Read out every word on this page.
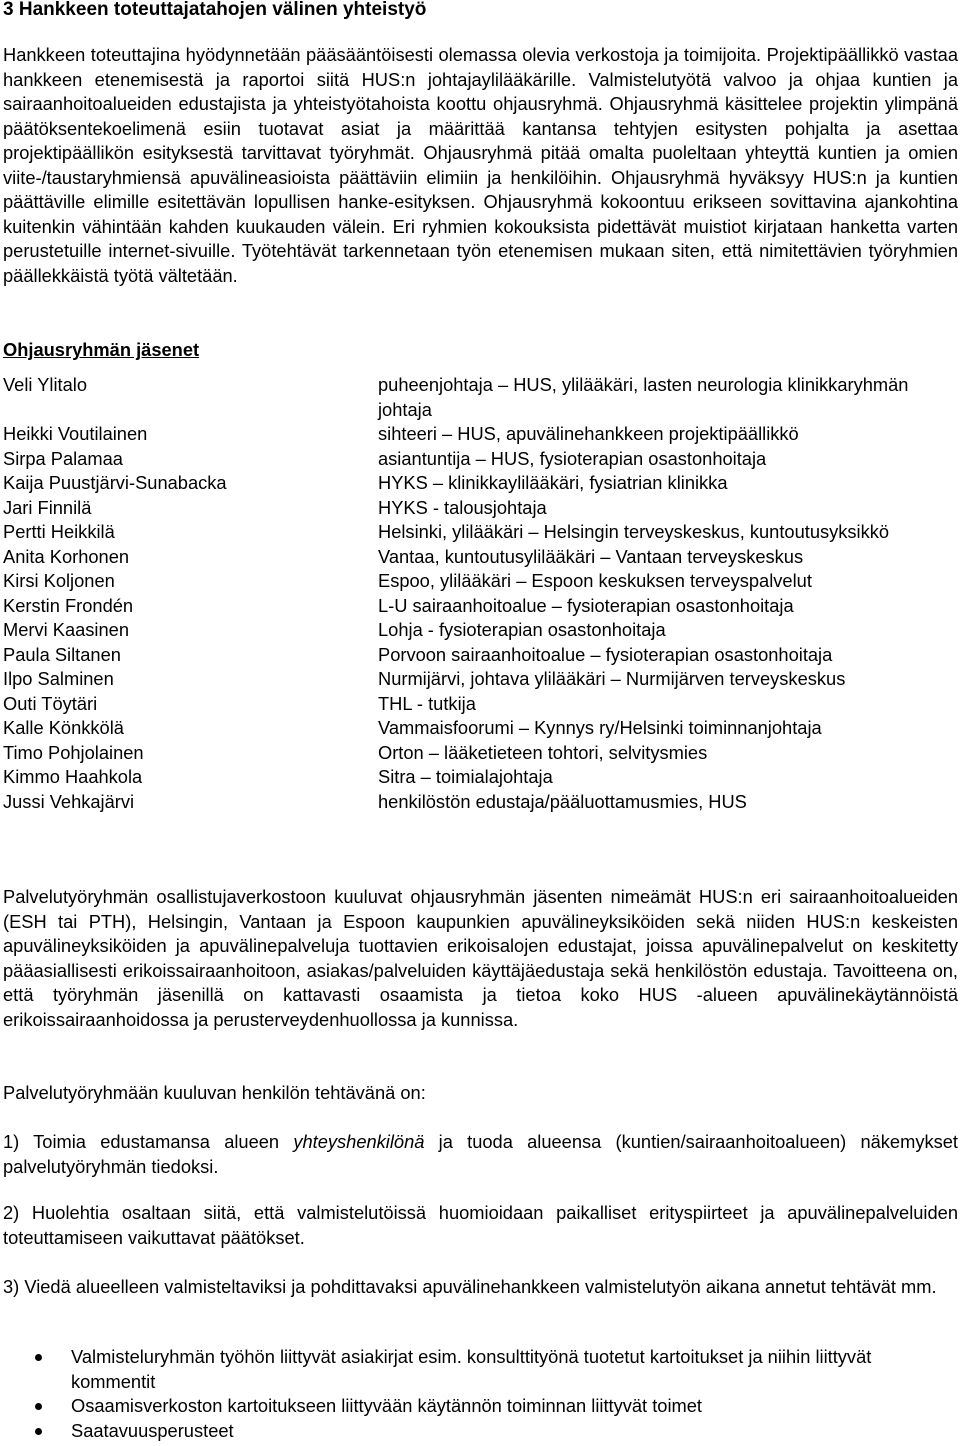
3 Hankkeen toteuttajatahojen välinen yhteistyö

Hankkeen toteuttajina hyödynnetään pääsääntöisesti olemassa olevia verkostoja ja toimijoita. Projektipäällikkö vastaa hankkeen etenemisestä ja raportoi siitä HUS:n johtajaylilääkärille. Valmistelutyötä valvoo ja ohjaa kuntien ja sairaanhoitoalueiden edustajista ja yhteistyötahoista koottu ohjausryhmä. Ohjausryhmä käsittelee projektin ylimpänä päätöksentekoelimenä esiin tuotavat asiat ja määrittää kantansa tehtyjen esitysten pohjalta ja asettaa projektipäällikön esityksestä tarvittavat työryhmät. Ohjausryhmä pitää omalta puoleltaan yhteyttä kuntien ja omien viite-/taustaryhmiensä apuvälineasioista päättäviin elimiin ja henkilöihin. Ohjausryhmä hyväksyy HUS:n ja kuntien päättäville elimille esitettävän lopullisen hanke-esityksen. Ohjausryhmä kokoontuu erikseen sovittavina ajankohtina kuitenkin vähintään kahden kuukauden välein. Eri ryhmien kokouksista pidettävät muistiot kirjataan hanketta varten perustetuille internet-sivuille. Työtehtävät tarkennetaan työn etenemisen mukaan siten, että nimitettävien työryhmien päällekkäistä työtä vältetään.

Ohjausryhmän jäsenet
Veli Ylitalo	puheenjohtaja – HUS, ylilääkäri, lasten neurologia klinikkaryhmän johtaja
Heikki Voutilainen	sihteeri – HUS, apuvälinehankkeen projektipäällikkö
Sirpa Palamaa	asiantuntija – HUS, fysioterapian osastonhoitaja
Kaija Puustjärvi-Sunabacka	HYKS – klinikkaylilääkäri, fysiatrian klinikka
Jari Finnilä	HYKS - talousjohtaja
Pertti Heikkilä	Helsinki, ylilääkäri – Helsingin terveyskeskus, kuntoutusyksikkö
Anita Korhonen	Vantaa, kuntoutusylilääkäri – Vantaan terveyskeskus
Kirsi Koljonen	Espoo, ylilääkäri – Espoon keskuksen terveyspalvelut
Kerstin Frondén	L-U sairaanhoitoalue – fysioterapian osastonhoitaja
Mervi Kaasinen	Lohja - fysioterapian osastonhoitaja
Paula Siltanen	Porvoon sairaanhoitoalue – fysioterapian osastonhoitaja
Ilpo Salminen	Nurmijärvi, johtava ylilääkäri – Nurmijärven terveyskeskus
Outi Töytäri	THL - tutkija
Kalle Könkkölä	Vammaisfoorumi – Kynnys ry/Helsinki toiminnanjohtaja
Timo Pohjolainen	Orton – lääketieteen tohtori, selvitysmies
Kimmo Haahkola	Sitra – toimialajohtaja
Jussi Vehkajärvi	henkilöstön edustaja/pääluottamusmies, HUS

Palvelutyöryhmän osallistujaverkostoon kuuluvat ohjausryhmän jäsenten nimeämät HUS:n eri sairaanhoitoalueiden (ESH tai PTH), Helsingin, Vantaan ja Espoon kaupunkien apuvälineyksiköiden sekä niiden HUS:n keskeisten apuvälineyksiköiden ja apuvälinepalveluja tuottavien erikoisalojen edustajat, joissa apuvälinepalvelut on keskitetty pääasiallisesti erikoissairaanhoitoon, asiakas/palveluiden käyttäjäedustaja sekä henkilöstön edustaja. Tavoitteena on, että työryhmän jäsenillä on kattavasti osaamista ja tietoa koko HUS -alueen apuvälinekäytännöistä erikoissairaanhoidossa ja perusterveydenhuollossa ja kunnissa.

Palvelutyöryhmään kuuluvan henkilön tehtävänä on:

1) Toimia edustamansa alueen yhteyshenkilönä ja tuoda alueensa (kuntien/sairaanhoitoalueen) näkemykset palvelutyöryhmän tiedoksi.

2) Huolehtia osaltaan siitä, että valmistelutöissä huomioidaan paikalliset erityspiirteet ja apuvälinepalveluiden toteuttamiseen vaikuttavat päätökset.

3) Viedä alueelleen valmisteltaviksi ja pohdittavaksi apuvälinehankkeen valmistelutyön aikana annetut tehtävät mm.

Valmisteluryhmän työhön liittyvät asiakirjat esim. konsulttityönä tuotetut kartoitukset ja niihin liittyvät kommentit
Osaamisverkoston kartoitukseen liittyvään käytännön toiminnan liittyvät toimet
Saatavuusperusteet
